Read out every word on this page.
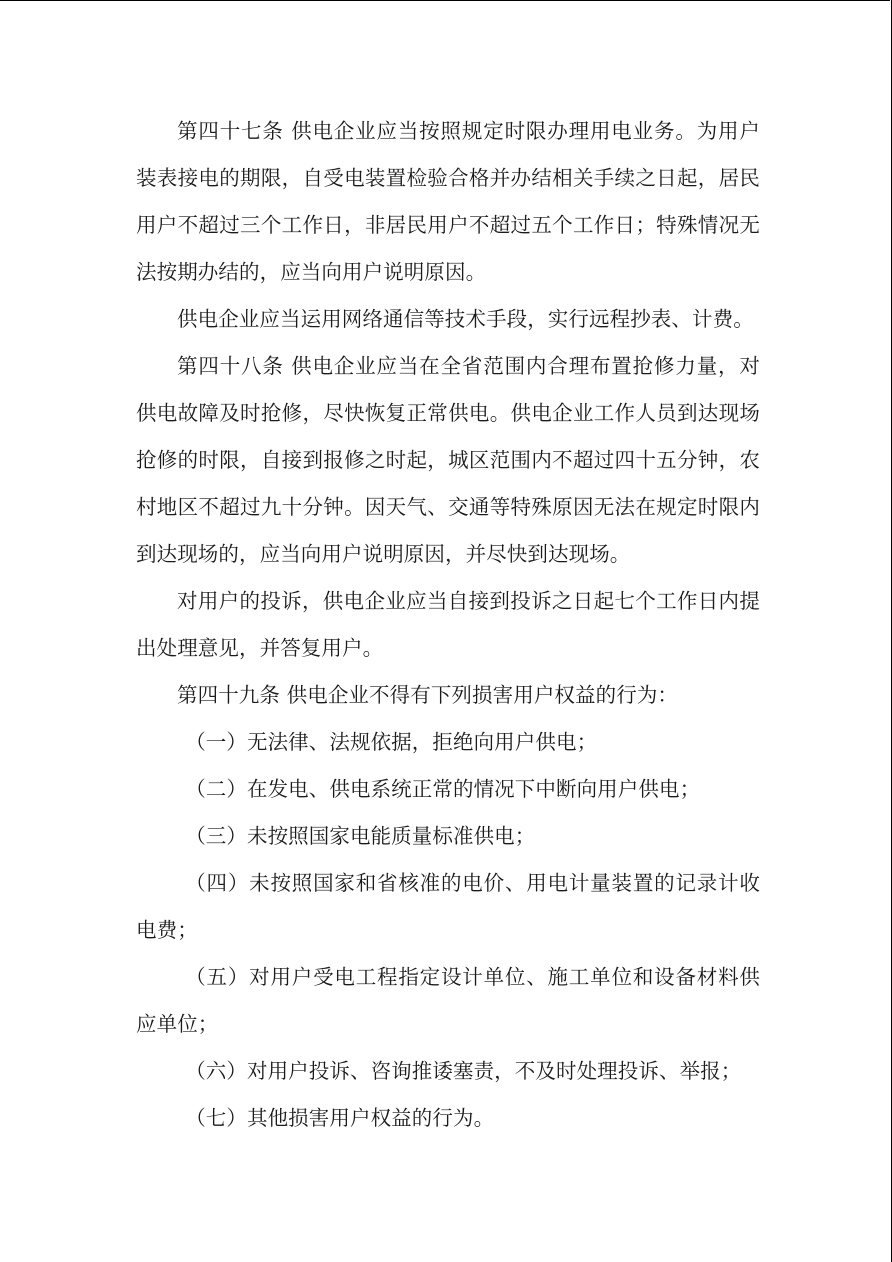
第四十七条 供电企业应当按照规定时限办理用电业务。为用户装表接电的期限，自受电装置检验合格并办结相关手续之日起，居民用户不超过三个工作日，非居民用户不超过五个工作日；特殊情况无法按期办结的，应当向用户说明原因。

供电企业应当运用网络通信等技术手段，实行远程抄表、计费。

第四十八条 供电企业应当在全省范围内合理布置抢修力量，对供电故障及时抢修，尽快恢复正常供电。供电企业工作人员到达现场抢修的时限，自接到报修之时起，城区范围内不超过四十五分钟，农村地区不超过九十分钟。因天气、交通等特殊原因无法在规定时限内到达现场的，应当向用户说明原因，并尽快到达现场。

对用户的投诉，供电企业应当自接到投诉之日起七个工作日内提出处理意见，并答复用户。

第四十九条 供电企业不得有下列损害用户权益的行为：

（一）无法律、法规依据，拒绝向用户供电；

（二）在发电、供电系统正常的情况下中断向用户供电；

（三）未按照国家电能质量标准供电；

（四）未按照国家和省核准的电价、用电计量装置的记录计收电费；

（五）对用户受电工程指定设计单位、施工单位和设备材料供应单位；

（六）对用户投诉、咨询推诿塞责，不及时处理投诉、举报；

（七）其他损害用户权益的行为。
